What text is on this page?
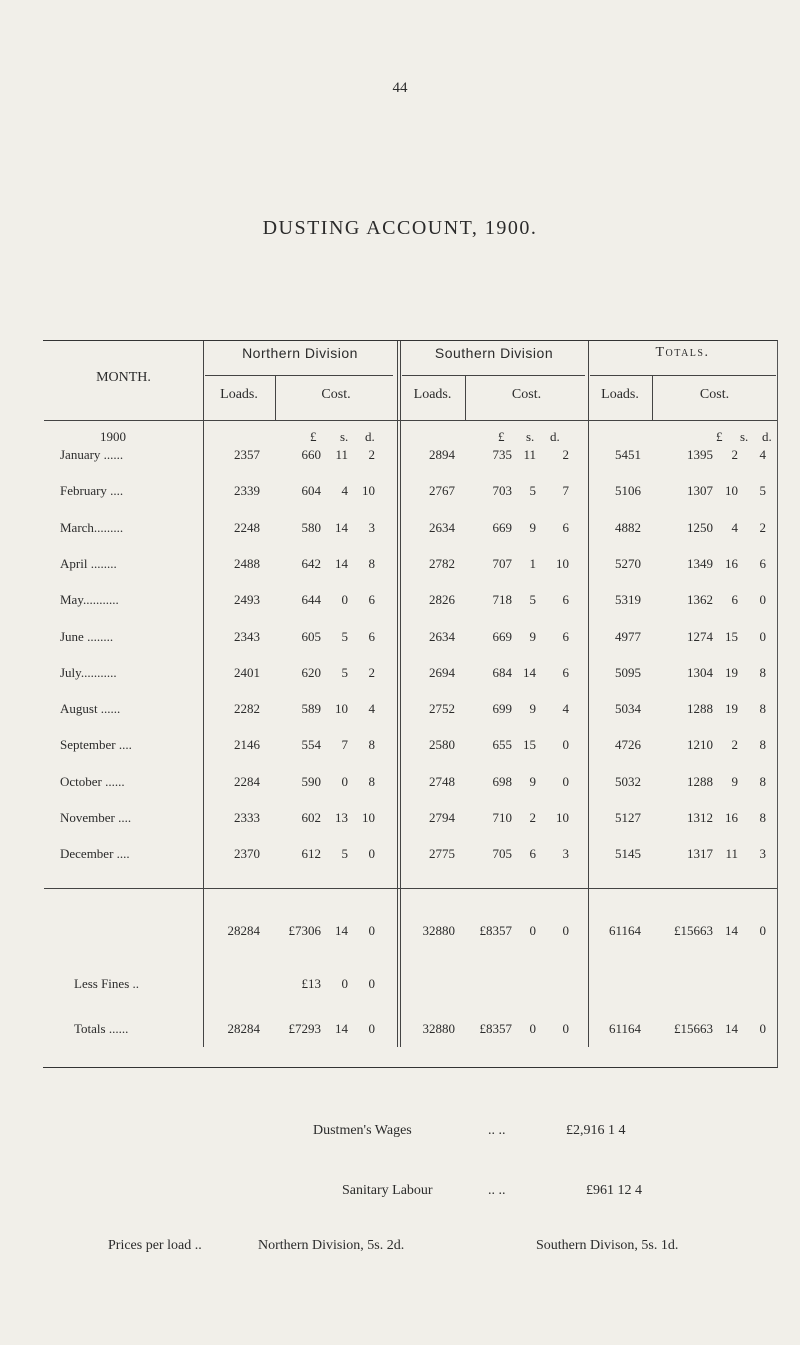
44
DUSTING ACCOUNT, 1900.
MONTH.
Northern Division	Southern Division	Totals.
Loads.	Cost.	Loads.	Cost.	Loads.	Cost.
1900	£ s. d.	£ s. d.	£ s. d.
January ......	2357	660 11 2	2894	735 11 2	5451	1395 2 4
February ....	2339	604 4 10	2767	703 5 7	5106	1307 10 5
March.........	2248	580 14 3	2634	669 9 6	4882	1250 4 2
April ........	2488	642 14 8	2782	707 1 10	5270	1349 16 6
May...........	2493	644 0 6	2826	718 5 6	5319	1362 6 0
June ........	2343	605 5 6	2634	669 9 6	4977	1274 15 0
July...........	2401	620 5 2	2694	684 14 6	5095	1304 19 8
August ......	2282	589 10 4	2752	699 9 4	5034	1288 19 8
September ....	2146	554 7 8	2580	655 15 0	4726	1210 2 8
October ......	2284	590 0 8	2748	698 9 0	5032	1288 9 8
November ....	2333	602 13 10	2794	710 2 10	5127	1312 16 8
December ....	2370	612 5 0	2775	705 6 3	5145	1317 11 3
28284 £7306 14 0	32880 £8357 0 0	61164	£15663 14 0
Less Fines ..	£13 0 0
Totals ......	28284 £7293 14 0	32880 £8357 0 0	61164	£15663 14 0
Dustmen's Wages	.. ..	£2,916 1 4
Sanitary Labour	.. ..	£961 12 4
Prices per load ..	Northern Division, 5s. 2d.	Southern Divison, 5s. 1d.
